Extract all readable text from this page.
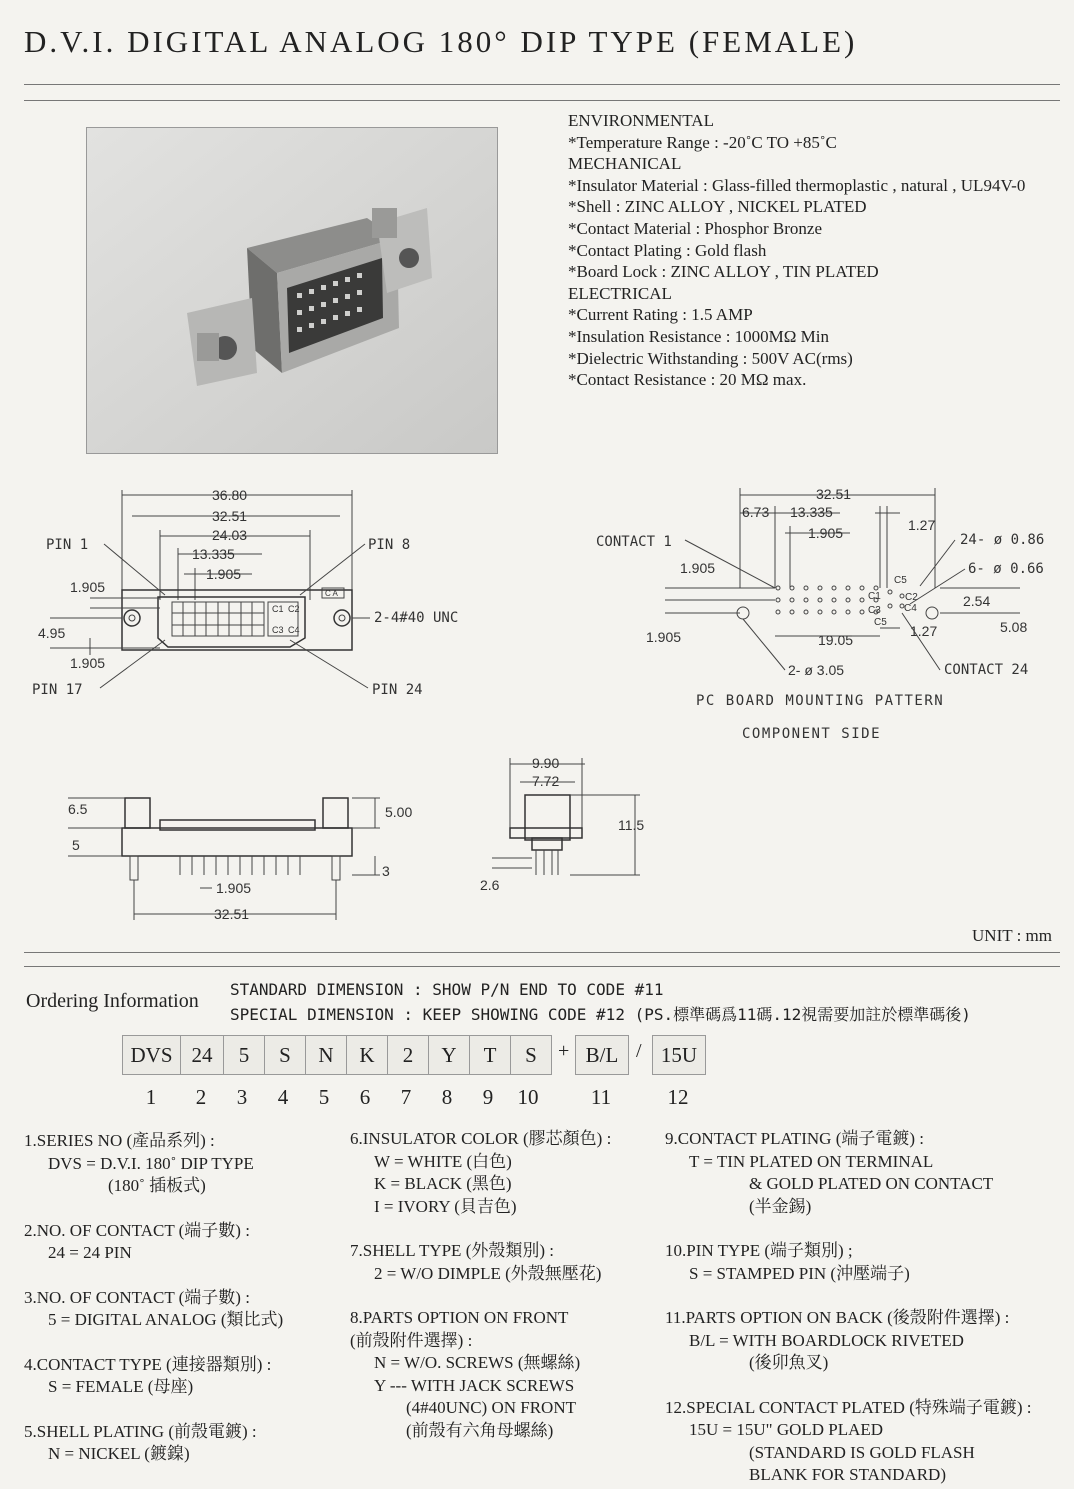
D.V.I. DIGITAL ANALOG 180° DIP TYPE (FEMALE)
ENVIRONMENTAL
*Temperature Range : -20˚C TO +85˚C
MECHANICAL
*Insulator Material : Glass-filled thermoplastic , natural , UL94V-0
*Shell : ZINC ALLOY , NICKEL PLATED
*Contact Material : Phosphor Bronze
*Contact Plating : Gold flash
*Board Lock : ZINC ALLOY , TIN PLATED
ELECTRICAL
*Current Rating : 1.5 AMP
*Insulation Resistance : 1000MΩ Min
*Dielectric Withstanding : 500V AC(rms)
*Contact Resistance : 20 MΩ max.
36.80
32.51
24.03
13.335
1.905
C1 C2
C3 C4
C A
1.905
4.95
1.905
PIN 1	PIN 8
PIN 17	PIN 24
2-4#40 UNC
32.51
6.73 13.335
1.905	1.27
24- ø 0.86
6- ø 0.66
CONTACT 1
C1 C2
C3 C4
C5
C5
1.905
1.905
2.54
5.08
19.05
1.27
2- ø 3.05	CONTACT 24
PC BOARD MOUNTING PATTERN
COMPONENT SIDE
6.5
5
5.00
3
1.905
32.51
9.90
7.72
11.5
2.6
UNIT : mm
Ordering Information
STANDARD DIMENSION : SHOW P/N END TO CODE #11
SPECIAL DIMENSION : KEEP SHOWING CODE #12 (PS.標準碼爲11碼.12視需要加註於標準碼後)
DVS 24	5	S	N	K	2	Y	T	S	+ B/L / 15U
1	2	3	4	5	6	7	8	9	10	11	12
1.SERIES NO (產品系列) :
DVS = D.V.I. 180˚ DIP TYPE
(180˚ 插板式)
2.NO. OF CONTACT (端子數) :
24 = 24 PIN
3.NO. OF CONTACT (端子數) :
5 = DIGITAL ANALOG (類比式)
4.CONTACT TYPE (連接器類別) :
S = FEMALE (母座)
5.SHELL PLATING (前殼電鍍) :
N = NICKEL (鍍鎳)
6.INSULATOR COLOR (膠芯顏色) :
W = WHITE (白色)
K = BLACK (黑色)
I = IVORY (貝吉色)
7.SHELL TYPE (外殼類別) :
2 = W/O DIMPLE (外殼無壓花)
8.PARTS OPTION ON FRONT
(前殼附件選擇) :
N = W/O. SCREWS (無螺絲)
Y --- WITH JACK SCREWS
(4#40UNC) ON FRONT
(前殼有六角母螺絲)
9.CONTACT PLATING (端子電鍍) :
T = TIN PLATED ON TERMINAL
& GOLD PLATED ON CONTACT
(半金錫)
10.PIN TYPE (端子類別) ;
S = STAMPED PIN (沖壓端子)
11.PARTS OPTION ON BACK (後殼附件選擇) :
B/L = WITH BOARDLOCK RIVETED
(後卯魚叉)
12.SPECIAL CONTACT PLATED (特殊端子電鍍) :
15U = 15U" GOLD PLAED
(STANDARD IS GOLD FLASH
BLANK FOR STANDARD)
